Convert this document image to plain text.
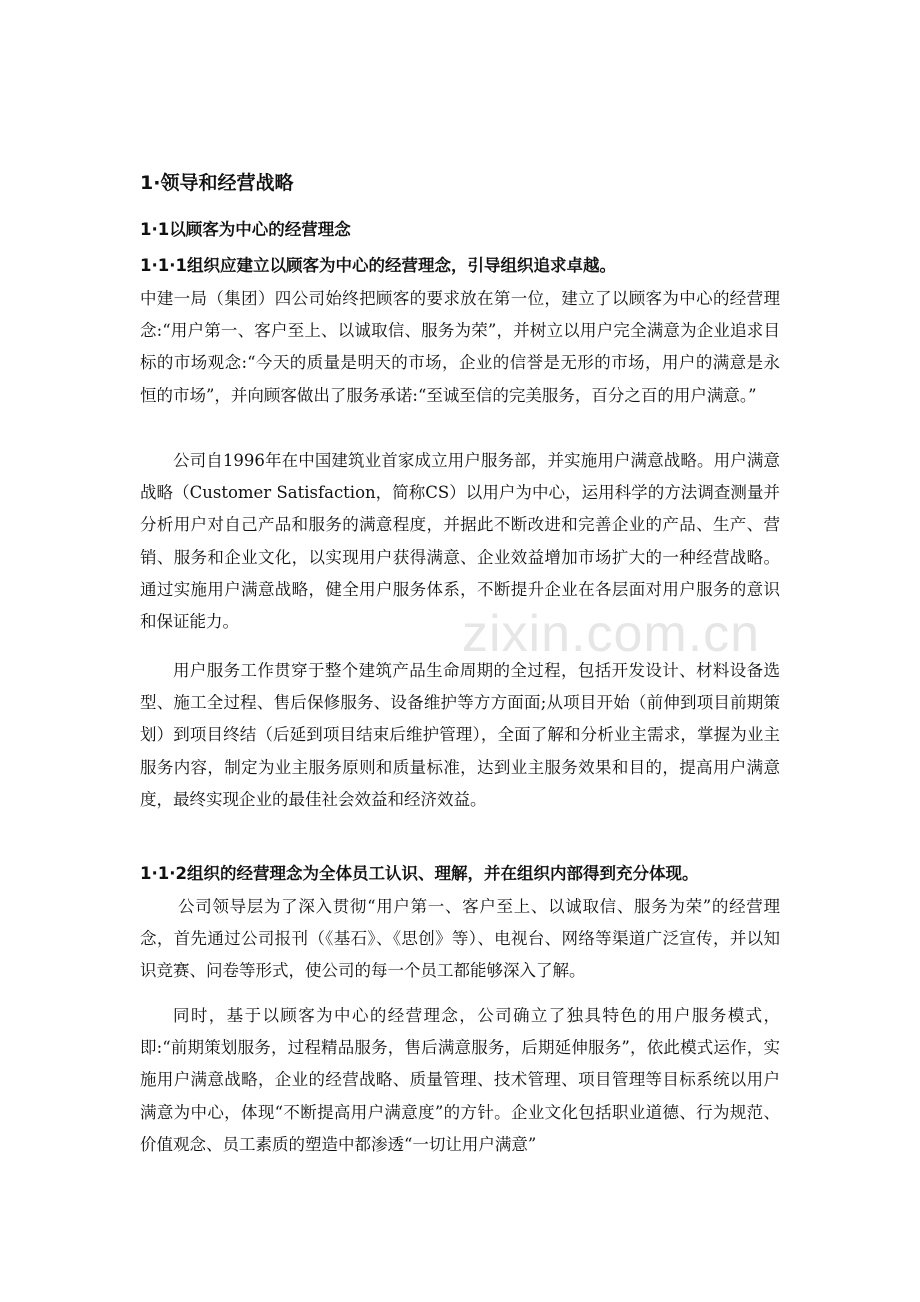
zixin.com.cn
1·领导和经营战略
1·1以顾客为中心的经营理念
1·1·1组织应建立以顾客为中心的经营理念，引导组织追求卓越。
中建一局（集团）四公司始终把顾客的要求放在第一位，建立了以顾客为中心的经营理念:“用户第一、客户至上、以诚取信、服务为荣”，并树立以用户完全满意为企业追求目标的市场观念:“今天的质量是明天的市场，企业的信誉是无形的市场，用户的满意是永恒的市场”，并向顾客做出了服务承诺:“至诚至信的完美服务，百分之百的用户满意。”
公司自1996年在中国建筑业首家成立用户服务部，并实施用户满意战略。用户满意战略（Customer Satisfaction，简称CS）以用户为中心，运用科学的方法调查测量并分析用户对自己产品和服务的满意程度，并据此不断改进和完善企业的产品、生产、营销、服务和企业文化，以实现用户获得满意、企业效益增加市场扩大的一种经营战略。通过实施用户满意战略，健全用户服务体系，不断提升企业在各层面对用户服务的意识和保证能力。
用户服务工作贯穿于整个建筑产品生命周期的全过程，包括开发设计、材料设备选型、施工全过程、售后保修服务、设备维护等方方面面;从项目开始（前伸到项目前期策划）到项目终结（后延到项目结束后维护管理），全面了解和分析业主需求，掌握为业主服务内容，制定为业主服务原则和质量标准，达到业主服务效果和目的，提高用户满意度，最终实现企业的最佳社会效益和经济效益。
1·1·2组织的经营理念为全体员工认识、理解，并在组织内部得到充分体现。
公司领导层为了深入贯彻“用户第一、客户至上、以诚取信、服务为荣”的经营理念，首先通过公司报刊（《基石》、《思创》等）、电视台、网络等渠道广泛宣传，并以知识竞赛、问卷等形式，使公司的每一个员工都能够深入了解。
同时，基于以顾客为中心的经营理念，公司确立了独具特色的用户服务模式，即:“前期策划服务，过程精品服务，售后满意服务，后期延伸服务”，依此模式运作，实施用户满意战略，企业的经营战略、质量管理、技术管理、项目管理等目标系统以用户满意为中心，体现“不断提高用户满意度”的方针。企业文化包括职业道德、行为规范、价值观念、员工素质的塑造中都渗透“一切让用户满意”
